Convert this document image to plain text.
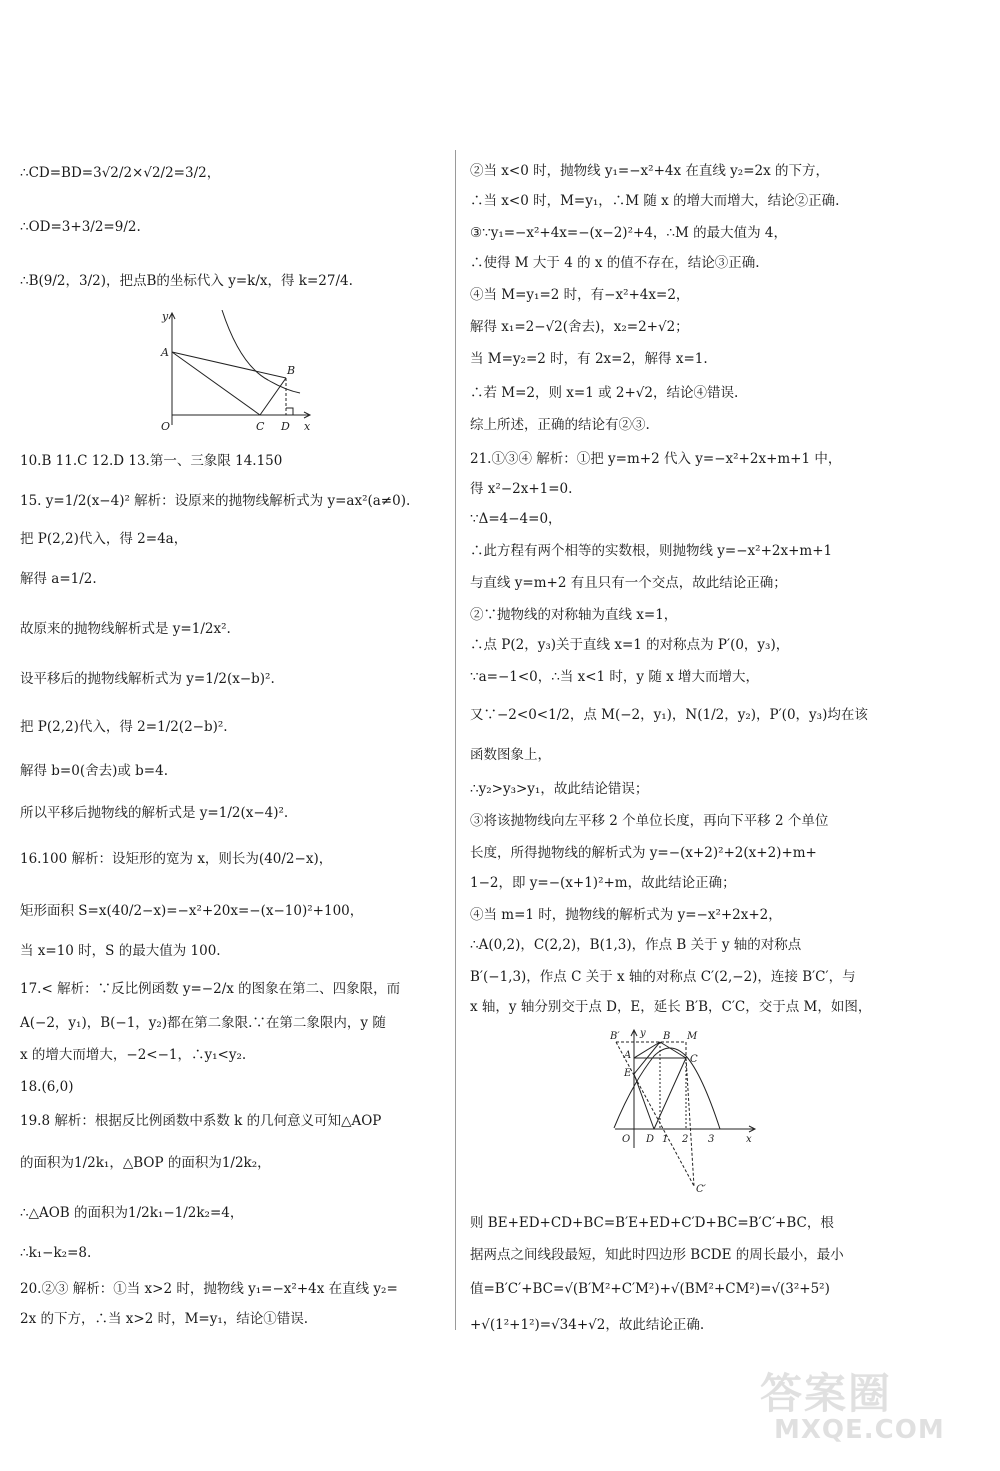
∴CD=BD=3√2/2×√2/2=3/2，
∴OD=3+3/2=9/2.
∴B(9/2，3/2)，把点B的坐标代入 y=k/x，得 k=27/4.
y
x
O
A
B
C D
10.B 11.C 12.D 13.第一、三象限 14.150
15. y=1/2(x−4)² 解析：设原来的抛物线解析式为 y=ax²(a≠0).
把 P(2,2)代入，得 2=4a，
解得 a=1/2.
故原来的抛物线解析式是 y=1/2x².
设平移后的抛物线解析式为 y=1/2(x−b)².
把 P(2,2)代入，得 2=1/2(2−b)².
解得 b=0(舍去)或 b=4.
所以平移后抛物线的解析式是 y=1/2(x−4)².
16.100 解析：设矩形的宽为 x，则长为(40/2−x)，
矩形面积 S=x(40/2−x)=−x²+20x=−(x−10)²+100，
当 x=10 时，S 的最大值为 100.
17.< 解析：∵反比例函数 y=−2/x 的图象在第二、四象限，而
A(−2，y₁)，B(−1，y₂)都在第二象限.∵在第二象限内，y 随
x 的增大而增大，−2<−1，∴y₁<y₂.
18.(6,0)
19.8 解析：根据反比例函数中系数 k 的几何意义可知△AOP
的面积为1/2k₁，△BOP 的面积为1/2k₂，
∴△AOB 的面积为1/2k₁−1/2k₂=4，
∴k₁−k₂=8.
20.②③ 解析：①当 x>2 时，抛物线 y₁=−x²+4x 在直线 y₂=
2x 的下方，∴当 x>2 时，M=y₁，结论①错误.
②当 x<0 时，抛物线 y₁=−x²+4x 在直线 y₂=2x 的下方，
∴当 x<0 时，M=y₁，∴M 随 x 的增大而增大，结论②正确.
③∵y₁=−x²+4x=−(x−2)²+4，∴M 的最大值为 4，
∴使得 M 大于 4 的 x 的值不存在，结论③正确.
④当 M=y₁=2 时，有−x²+4x=2，
解得 x₁=2−√2(舍去)，x₂=2+√2；
当 M=y₂=2 时，有 2x=2，解得 x=1.
∴若 M=2，则 x=1 或 2+√2，结论④错误.
综上所述，正确的结论有②③.
21.①③④ 解析：①把 y=m+2 代入 y=−x²+2x+m+1 中，
得 x²−2x+1=0.
∵Δ=4−4=0，
∴此方程有两个相等的实数根，则抛物线 y=−x²+2x+m+1
与直线 y=m+2 有且只有一个交点，故此结论正确；
②∵抛物线的对称轴为直线 x=1，
∴点 P(2，y₃)关于直线 x=1 的对称点为 P′(0，y₃)，
∵a=−1<0，∴当 x<1 时，y 随 x 增大而增大，
又∵−2<0<1/2，点 M(−2，y₁)，N(1/2，y₂)，P′(0，y₃)均在该
函数图象上，
∴y₂>y₃>y₁，故此结论错误；
③将该抛物线向左平移 2 个单位长度，再向下平移 2 个单位
长度，所得抛物线的解析式为 y=−(x+2)²+2(x+2)+m+
1−2，即 y=−(x+1)²+m，故此结论正确；
④当 m=1 时，抛物线的解析式为 y=−x²+2x+2，
∴A(0,2)，C(2,2)，B(1,3)，作点 B 关于 y 轴的对称点
B′(−1,3)，作点 C 关于 x 轴的对称点 C′(2,−2)，连接 B′C′，与
x 轴，y 轴分别交于点 D，E，延长 B′B，C′C，交于点 M，如图，
B′ y B M
A	C
E
O D 1 2 3	x
C′
则 BE+ED+CD+BC=B′E+ED+C′D+BC=B′C′+BC，根
据两点之间线段最短，知此时四边形 BCDE 的周长最小，最小
值=B′C′+BC=√(B′M²+C′M²)+√(BM²+CM²)=√(3²+5²)
+√(1²+1²)=√34+√2，故此结论正确.
答案圈
MXQE.COM
